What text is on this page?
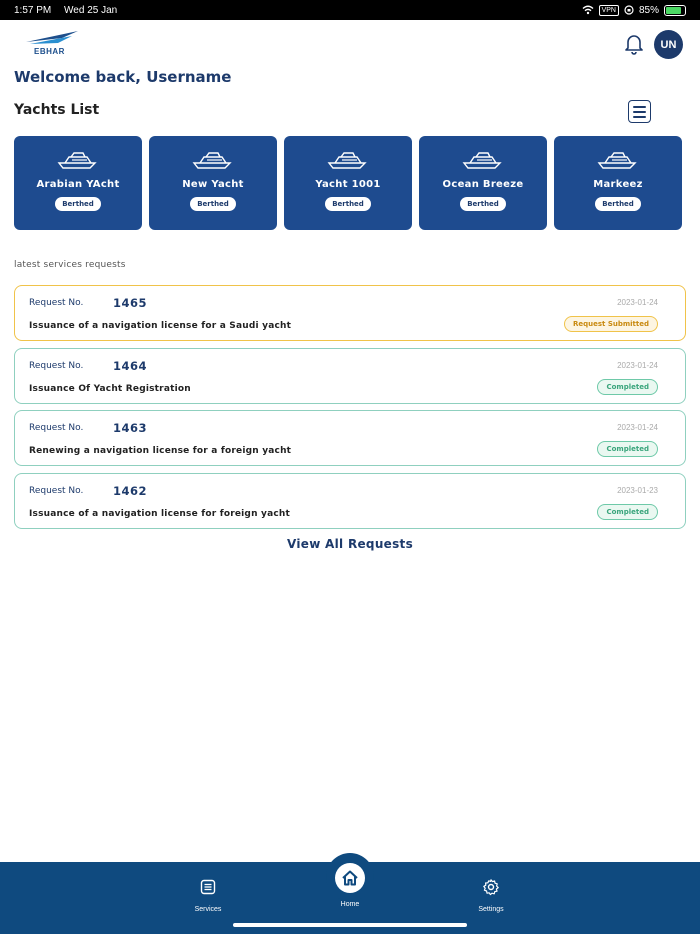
1:57 PM Wed 25 Jan	VPN	85%
EBHAR
UN
Welcome back, Username
Yachts List
Arabian YAcht
Berthed
New Yacht
Berthed
Yacht 1001
Berthed
Ocean Breeze
Berthed
Markeez
Berthed
latest services requests
Request No.	1465
Issuance of a navigation license for a Saudi yacht
2023-01-24
Request Submitted
Request No.	1464
Issuance Of Yacht Registration
2023-01-24
Completed
Request No.	1463
Renewing a navigation license for a foreign yacht
2023-01-24
Completed
Request No.	1462
Issuance of a navigation license for foreign yacht
2023-01-23
Completed
View All Requests
Home
Services	Settings
